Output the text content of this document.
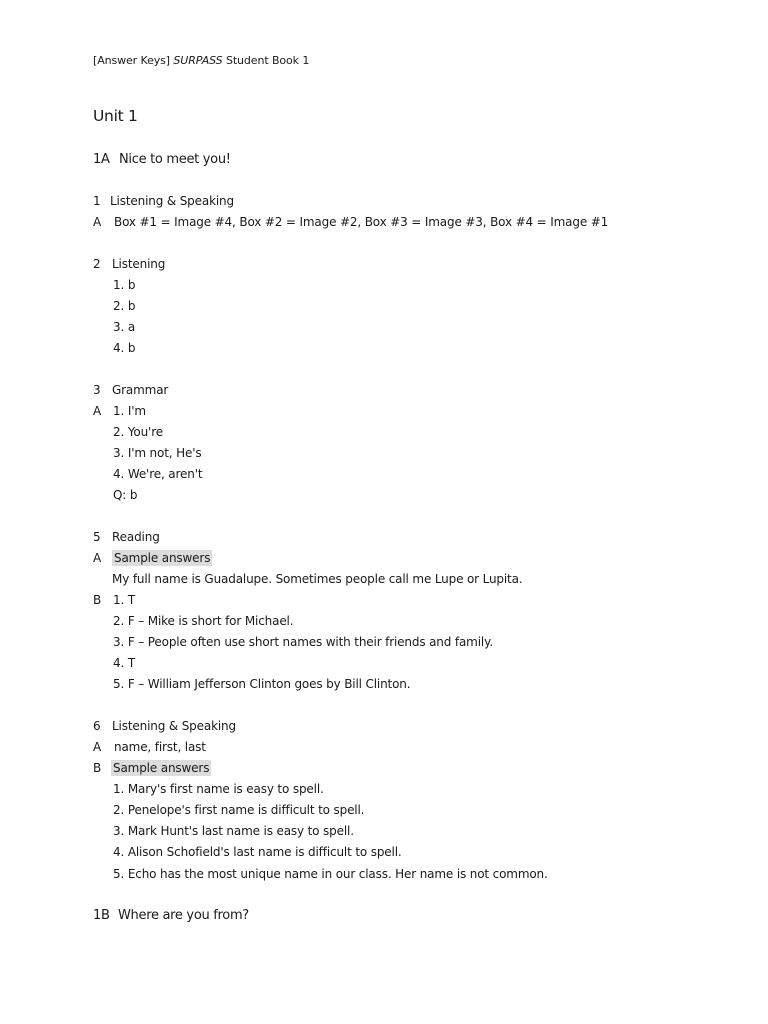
[Answer Keys] SURPASS Student Book 1
Unit 1
1A Nice to meet you!
1 Listening & Speaking
A Box #1 = Image #4, Box #2 = Image #2, Box #3 = Image #3, Box #4 = Image #1
2 Listening
1. b
2. b
3. a
4. b
3 Grammar
A 1. I'm
2. You're
3. I'm not, He's
4. We're, aren't
Q: b
5 Reading
A Sample answers
My full name is Guadalupe. Sometimes people call me Lupe or Lupita.
B 1. T
2. F – Mike is short for Michael.
3. F – People often use short names with their friends and family.
4. T
5. F – William Jefferson Clinton goes by Bill Clinton.
6 Listening & Speaking
A name, first, last
B Sample answers
1. Mary's first name is easy to spell.
2. Penelope's first name is difficult to spell.
3. Mark Hunt's last name is easy to spell.
4. Alison Schofield's last name is difficult to spell.
5. Echo has the most unique name in our class. Her name is not common.
1B Where are you from?
